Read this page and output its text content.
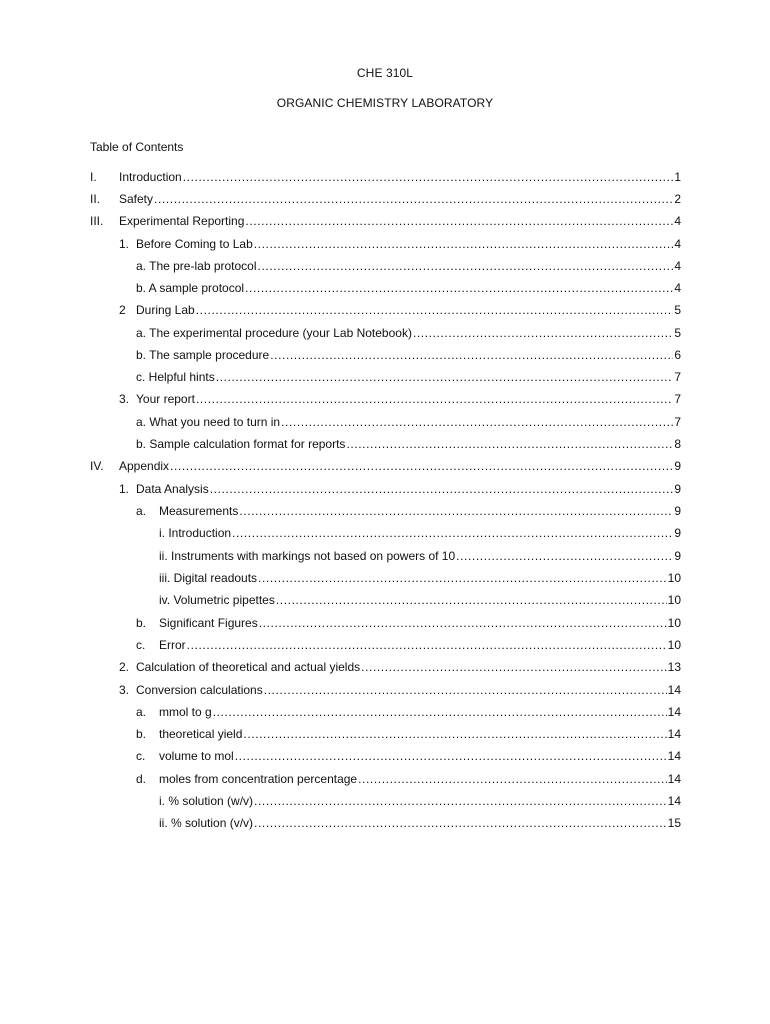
CHE 310L
ORGANIC CHEMISTRY LABORATORY
Table of Contents
I. Introduction .....	1
II. Safety .....	2
III. Experimental Reporting .....	4
1. Before Coming to Lab .....	4
a. The pre-lab protocol .....	4
b. A sample protocol .....	4
2 During Lab .....	5
a. The experimental procedure (your Lab Notebook) .....	5
b. The sample procedure .....	6
c. Helpful hints .....	7
3. Your report .....	7
a. What you need to turn in .....	7
b. Sample calculation format for reports .....	8
IV. Appendix .....	9
1. Data Analysis .....	9
a. Measurements .....	9
i. Introduction .....	9
ii. Instruments with markings not based on powers of 10 .....	9
iii. Digital readouts .....	10
iv. Volumetric pipettes .....	10
b. Significant Figures .....	10
c. Error .....	10
2. Calculation of theoretical and actual yields .....	13
3. Conversion calculations .....	14
a. mmol to g .....	14
b. theoretical yield .....	14
c. volume to mol .....	14
d. moles from concentration percentage .....	14
i. % solution (w/v) .....	14
ii. % solution (v/v) .....	15
